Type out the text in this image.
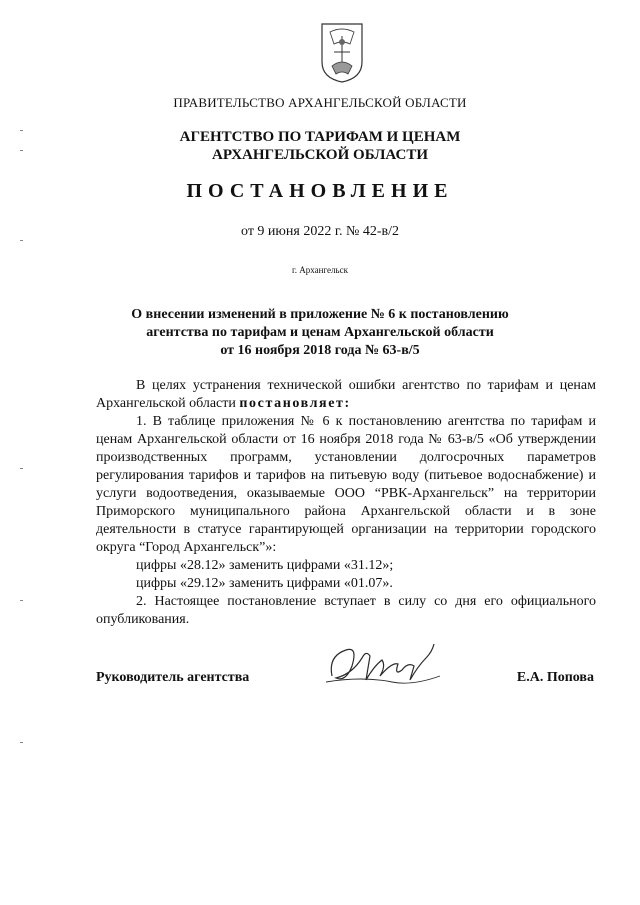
ПРАВИТЕЛЬСТВО АРХАНГЕЛЬСКОЙ ОБЛАСТИ
АГЕНТСТВО ПО ТАРИФАМ И ЦЕНАМ
АРХАНГЕЛЬСКОЙ ОБЛАСТИ
ПОСТАНОВЛЕНИЕ
от 9 июня 2022 г. № 42-в/2
г. Архангельск
О внесении изменений в приложение № 6 к постановлению
агентства по тарифам и ценам Архангельской области
от 16 ноября 2018 года № 63-в/5

В целях устранения технической ошибки агентство по тарифам и ценам Архангельской области постановляет:

1. В таблице приложения № 6 к постановлению агентства по тарифам и ценам Архангельской области от 16 ноября 2018 года № 63-в/5 «Об утверждении производственных программ, установлении долгосрочных параметров регулирования тарифов и тарифов на питьевую воду (питьевое водоснабжение) и услуги водоотведения, оказываемые ООО “РВК-Архангельск” на территории Приморского муниципального района Архангельской области и в зоне деятельности в статусе гарантирующей организации на территории городского округа “Город Архангельск”»:

цифры «28.12» заменить цифрами «31.12»;

цифры «29.12» заменить цифрами «01.07».

2. Настоящее постановление вступает в силу со дня его официального опубликования.

Руководитель агентства	Е.А. Попова
